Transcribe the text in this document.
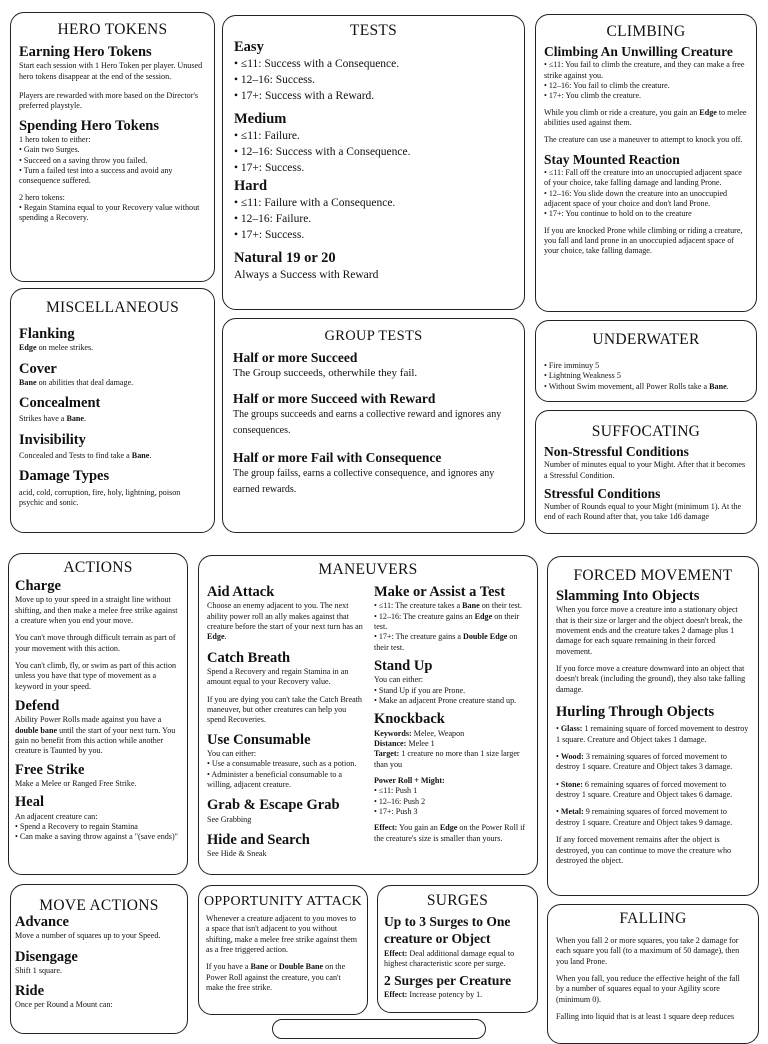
HERO TOKENS
Earning Hero Tokens

Start each session with 1 Hero Token per player. Unused hero tokens disappear at the end of the session.

Players are rewarded with more based on the Director's preferred playstyle.

Spending Hero Tokens
1 hero token to either:
• Gain two Surges.
• Succeed on a saving throw you failed.
• Turn a failed test into a success and avoid any consequence suffered.
2 hero tokens:
• Regain Stamina equal to your Recovery value without spending a Recovery.
TESTS
Easy

• ≤11: Success with a Consequence.

• 12–16: Success.

• 17+: Success with a Reward.

Medium

• ≤11: Failure.

• 12–16: Success with a Consequence.

• 17+: Success.

Hard

• ≤11: Failure with a Consequence.

• 12–16: Failure.

• 17+: Success.

Natural 19 or 20

Always a Success with Reward

CLIMBING
Climbing An Unwilling Creature
• ≤11: You fail to climb the creature, and they can make a free strike against you.
• 12–16: You fail to climb the creature.
• 17+: You climb the creature.

While you climb or ride a creature, you gain an Edge to melee abilities used against them.

The creature can use a maneuver to attempt to knock you off.

Stay Mounted Reaction
• ≤11: Fall off the creature into an unoccupied adjacent space of your choice, take falling damage and landing Prone.
• 12–16: You slide down the creature into an unoccupied adjacent space of your choice and don't land Prone.
• 17+: You continue to hold on to the creature

If you are knocked Prone while climbing or riding a creature, you fall and land prone in an unoccupied adjacent space of your choice, take falling damage.

MISCELLANEOUS
Flanking

Edge on melee strikes.

Cover

Bane on abilities that deal damage.

Concealment

Strikes have a Bane.

Invisibility

Concealed and Tests to find take a Bane.

Damage Types

acid, cold, corruption, fire, holy, lightning, poison psychic and sonic.

GROUP TESTS
Half or more Succeed

The Group succeeds, otherwhile they fail.

Half or more Succeed with Reward

The groups succeeds and earns a collective reward and ignores any consequences.

Half or more Fail with Consequence

The group failss, earns a collective consequence, and ignores any earned rewards.

UNDERWATER
• Fire imminuy 5
• Lightning Weakness 5
• Without Swim movement, all Power Rolls take a Bane.
SUFFOCATING
Non-Stressful Conditions

Number of minutes equal to your Might. After that it becomes a Stressful Condition.

Stressful Conditions

Number of Rounds equal to your Might (minimum 1). At the end of each Round after that, you take 1d6 damage

ACTIONS
Charge

Move up to your speed in a straight line without shifting, and then make a melee free strike against a creature when you end your move.

You can't move through difficult terrain as part of your movement with this action.

You can't climb, fly, or swim as part of this action unless you have that type of movement as a keyword in your speed.

Defend

Ability Power Rolls made against you have a double bane until the start of your next turn. You gain no benefit from this action while another creature is Taunted by you.

Free Strike

Make a Melee or Ranged Free Strike.

Heal
An adjacent creature can:
• Spend a Recovery to regain Stamina
• Can make a saving throw against a "(save ends)"
MANEUVERS
Aid Attack

Choose an enemy adjacent to you. The next ability power roll an ally makes against that creature before the start of your next turn has an Edge.

Catch Breath

Spend a Recovery and regain Stamina in an amount equal to your Recovery value.

If you are dying you can't take the Catch Breath maneuver, but other creatures can help you spend Recoveries.

Use Consumable
You can either:
• Use a consumable treasure, such as a potion.
• Administer a beneficial consumable to a willing, adjacent creature.
Grab & Escape Grab

See Grabbing

Hide and Search

See Hide & Sneak

Make or Assist a Test
• ≤11: The creature takes a Bane on their test.
• 12–16: The creature gains an Edge on their test.
• 17+: The creature gains a Double Edge on their test.
Stand Up
You can either:
• Stand Up if you are Prone.
• Make an adjacent Prone creature stand up.
Knockback
Keywords: Melee, Weapon
Distance: Melee 1
Target: 1 creature no more than 1 size larger than you
Power Roll + Might:
• ≤11: Push 1
• 12–16: Push 2
• 17+: Push 3
Effect: You gain an Edge on the Power Roll if the creature's size is smaller than yours.
FORCED MOVEMENT
Slamming Into Objects

When you force move a creature into a stationary object that is their size or larger and the object doesn't break, the movement ends and the creature takes 2 damage plus 1 damage for each square remaining in their forced movement.

If you force move a creature downward into an object that doesn't break (including the ground), they also take falling damage.

Hurling Through Objects

• Glass: 1 remaining square of forced movement to destroy 1 square. Creature and Object takes 1 damage.

• Wood: 3 remaining squares of forced movement to destroy 1 square. Creature and Object takes 3 damage.

• Stone: 6 remaining squares of forced movement to destroy 1 square. Creature and Object takes 6 damage.

• Metal: 9 remaining squares of forced movement to destroy 1 square. Creature and Object takes 9 damage.

If any forced movement remains after the object is destroyed, you can continue to move the creature who destroyed the object.

MOVE ACTIONS
Advance

Move a number of squares up to your Speed.

Disengage

Shift 1 square.

Ride

Once per Round a Mount can:

OPPORTUNITY ATTACK

Whenever a creature adjacent to you moves to a space that isn't adjacent to you without shifting, make a melee free strike against them as a free triggered action.

If you have a Bane or Double Bane on the Power Roll against the creature, you can't make the free strike.

SURGES
Up to 3 Surges to One creature or Object

Effect: Deal additional damage equal to highest characteristic score per surge.

2 Surges per Creature

Effect: Increase potency by 1.

FALLING

When you fall 2 or more squares, you take 2 damage for each square you fall (to a maximum of 50 damage), then you land Prone.

When you fall, you reduce the effective height of the fall by a number of squares equal to your Agility score (minimum 0).

Falling into liquid that is at least 1 square deep reduces
